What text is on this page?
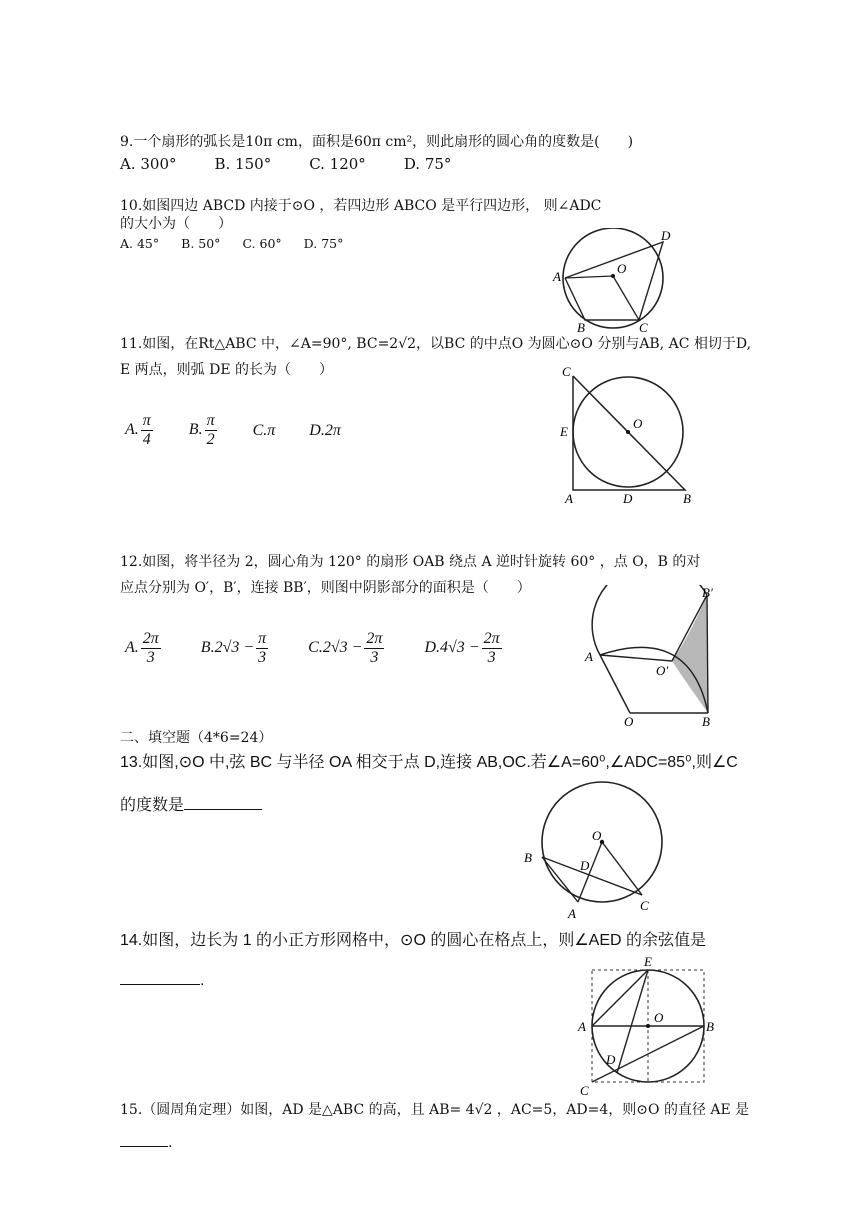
9.一个扇形的弧长是10π cm，面积是60π cm²，则此扇形的圆心角的度数是(　　)
A. 300°	B. 150°	C. 120°	D. 75°
10.如图四边 ABCD 内接于⊙O ，若四边形 ABCO 是平行四边形， 则∠ADC
的大小为（　　）
A. 45° B. 50° C. 60° D. 75°
O
A
B	C
D
11.如图，在Rt△ABC 中，∠A=90°, BC=2√2，以BC 的中点O 为圆心⊙O 分别与AB, AC 相切于D,
E 两点，则弧 DE 的长为（　　）
A. $\frac{\pi}{4} B$. $\frac{\pi}{2} C.\pi$ D.2π	O
C
E
A	D	B
12.如图，将半径为 2，圆心角为 120° 的扇形 OAB 绕点 A 逆时针旋转 60° ，点 O，B 的对
应点分别为 O′，B′，连接 BB′，则图中阴影部分的面积是（　　）
A. $\frac{2\pi}{3}$	$B.2√3 - \frac{\pi}{3}$	$C.2√3 - \frac{2\pi}{3}$	$D.4√3 - \frac{2\pi}{3}$	A
O′
B′
O	B
二、填空题（4*6=24）
13.如图,⊙O 中,弦 BC 与半径 OA 相交于点 D,连接 AB,OC.若∠A=60⁰,∠ADC=85⁰,则∠C
的度数是
O
B
D
C
A
14.如图，边长为 1 的小正方形网格中，⊙O 的圆心在格点上，则∠AED 的余弦值是
.
E
A
O
B
D
C
15.（圆周角定理）如图，AD 是△ABC 的高，且 AB= 4√2 ，AC=5，AD=4，则⊙O 的直径 AE 是
.
